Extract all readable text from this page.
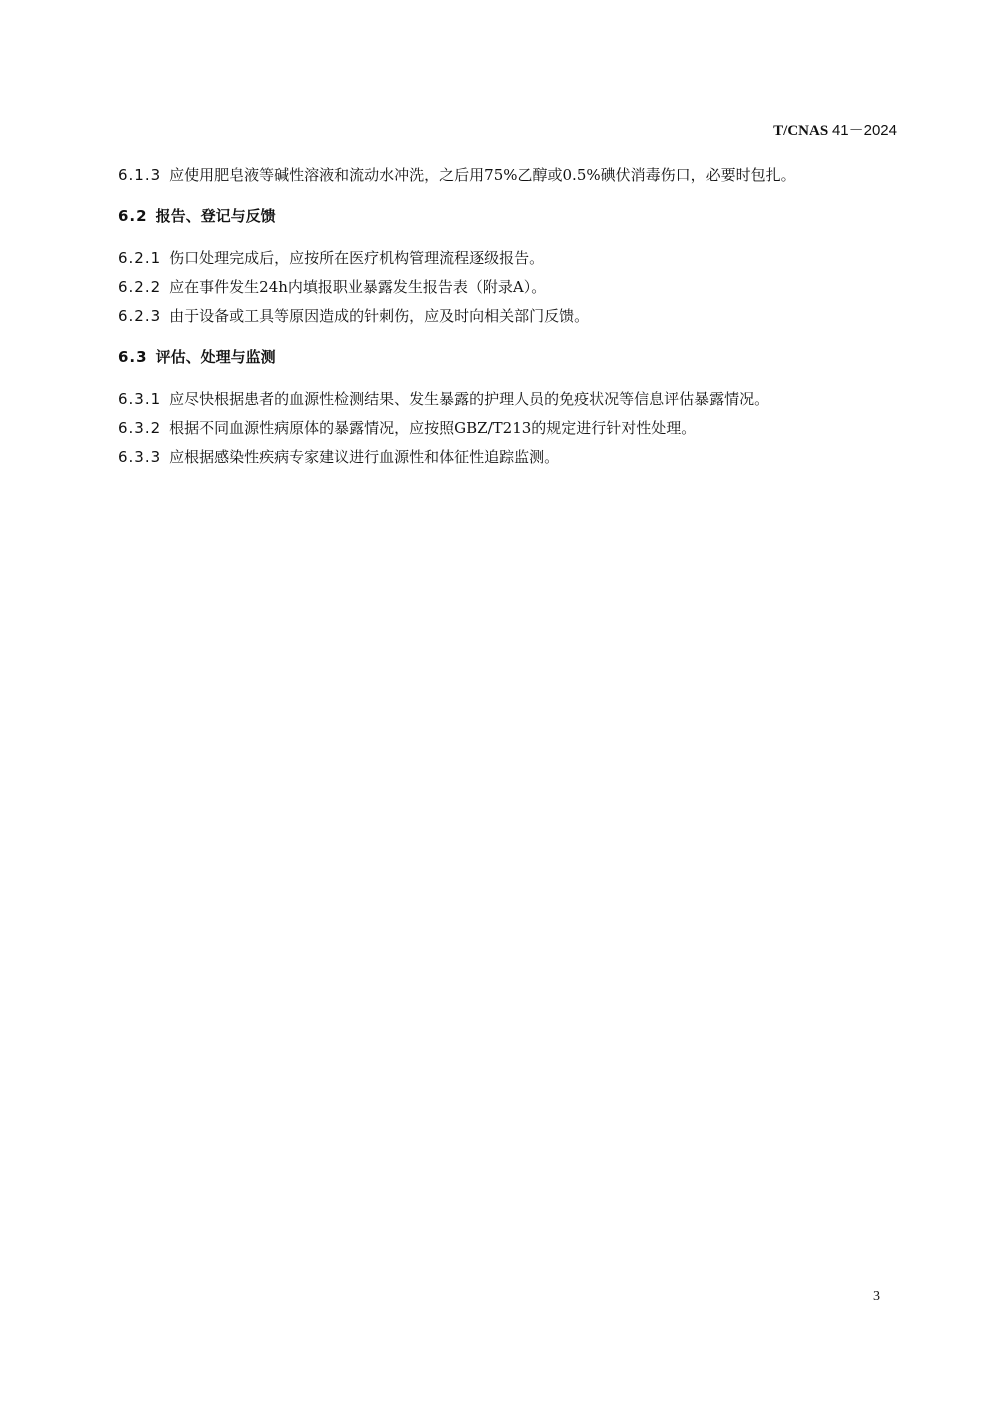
T/CNAS 41－2024

6.1.3 应使用肥皂液等碱性溶液和流动水冲洗，之后用75%乙醇或0.5%碘伏消毒伤口，必要时包扎。

6.2 报告、登记与反馈

6.2.1 伤口处理完成后，应按所在医疗机构管理流程逐级报告。

6.2.2 应在事件发生24h内填报职业暴露发生报告表（附录A）。

6.2.3 由于设备或工具等原因造成的针刺伤，应及时向相关部门反馈。

6.3 评估、处理与监测

6.3.1 应尽快根据患者的血源性检测结果、发生暴露的护理人员的免疫状况等信息评估暴露情况。

6.3.2 根据不同血源性病原体的暴露情况，应按照GBZ/T213的规定进行针对性处理。

6.3.3 应根据感染性疾病专家建议进行血源性和体征性追踪监测。

3
